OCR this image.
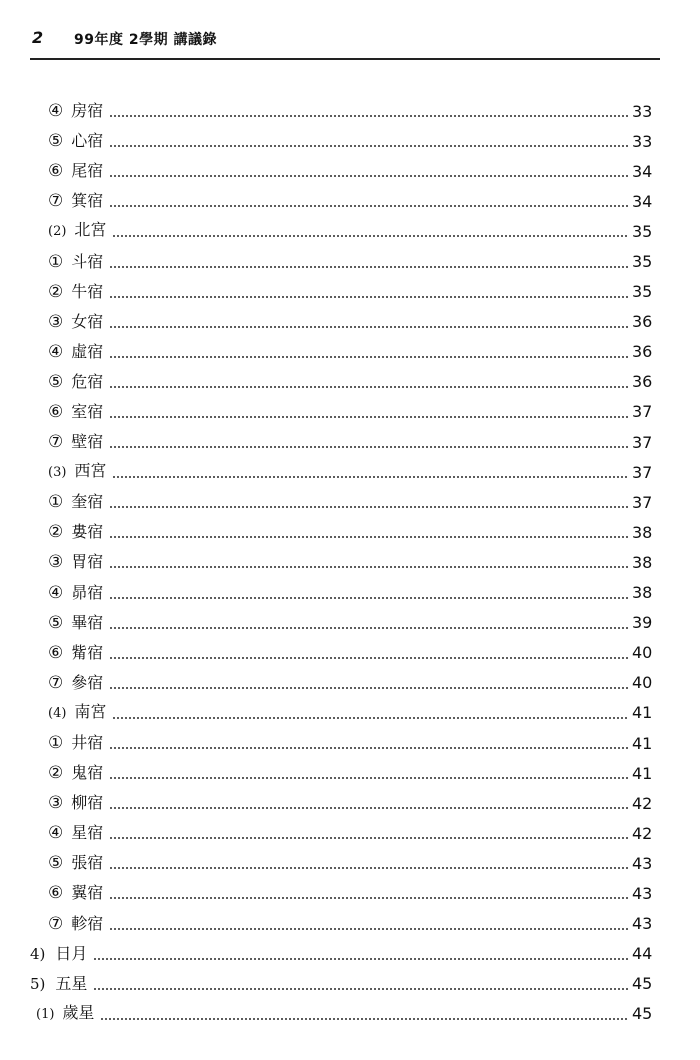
2 99年度 2學期 講議錄
④ 房宿	33
⑤ 心宿	33
⑥ 尾宿	34
⑦ 箕宿	34
(2) 北宮	35
① 斗宿	35
② 牛宿	35
③ 女宿	36
④ 虛宿	36
⑤ 危宿	36
⑥ 室宿	37
⑦ 壁宿	37
(3) 西宮	37
① 奎宿	37
② 婁宿	38
③ 胃宿	38
④ 昴宿	38
⑤ 畢宿	39
⑥ 觜宿	40
⑦ 參宿	40
(4) 南宮	41
① 井宿	41
② 鬼宿	41
③ 柳宿	42
④ 星宿	42
⑤ 張宿	43
⑥ 翼宿	43
⑦ 軫宿	43
4) 日月	44
5) 五星	45
(1) 歲星	45
